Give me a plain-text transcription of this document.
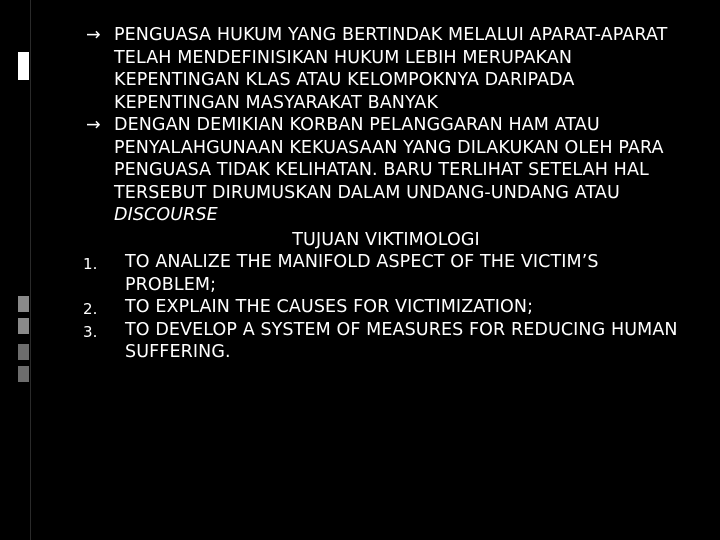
→ PENGUASA HUKUM YANG BERTINDAK MELALUI APARAT-APARAT TELAH MENDEFINISIKAN HUKUM LEBIH MERUPAKAN KEPENTINGAN KLAS ATAU KELOMPOKNYA DARIPADA KEPENTINGAN MASYARAKAT BANYAK
→ DENGAN DEMIKIAN KORBAN PELANGGARAN HAM ATAU PENYALAHGUNAAN KEKUASAAN YANG DILAKUKAN OLEH PARA PENGUASA TIDAK KELIHATAN. BARU TERLIHAT SETELAH HAL TERSEBUT DIRUMUSKAN DALAM UNDANG-UNDANG ATAU DISCOURSE
TUJUAN VIKTIMOLOGI
1.	TO ANALIZE THE MANIFOLD ASPECT OF THE VICTIM’S PROBLEM;
2.	TO EXPLAIN THE CAUSES FOR VICTIMIZATION;
3.	TO DEVELOP A SYSTEM OF MEASURES FOR REDUCING HUMAN SUFFERING.
